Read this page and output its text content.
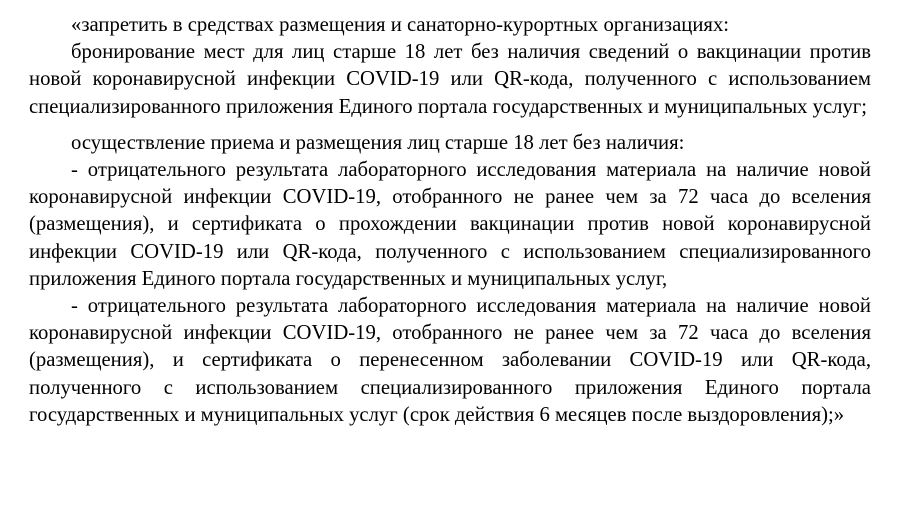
«запретить в средствах размещения и санаторно-курортных организациях:

бронирование мест для лиц старше 18 лет без наличия сведений о вакцинации против новой коронавирусной инфекции COVID-19 или QR-кода, полученного с использованием специализированного приложения Единого портала государственных и муниципальных услуг;

осуществление приема и размещения лиц старше 18 лет без наличия:

- отрицательного результата лабораторного исследования материала на наличие новой коронавирусной инфекции COVID-19, отобранного не ранее чем за 72 часа до вселения (размещения), и сертификата о прохождении вакцинации против новой коронавирусной инфекции COVID-19 или QR-кода, полученного с использованием специализированного приложения Единого портала государственных и муниципальных услуг,

- отрицательного результата лабораторного исследования материала на наличие новой коронавирусной инфекции COVID-19, отобранного не ранее чем за 72 часа до вселения (размещения), и сертификата о перенесенном заболевании COVID-19 или QR-кода, полученного с использованием специализированного приложения Единого портала государственных и муниципальных услуг (срок действия 6 месяцев после выздоровления);»
